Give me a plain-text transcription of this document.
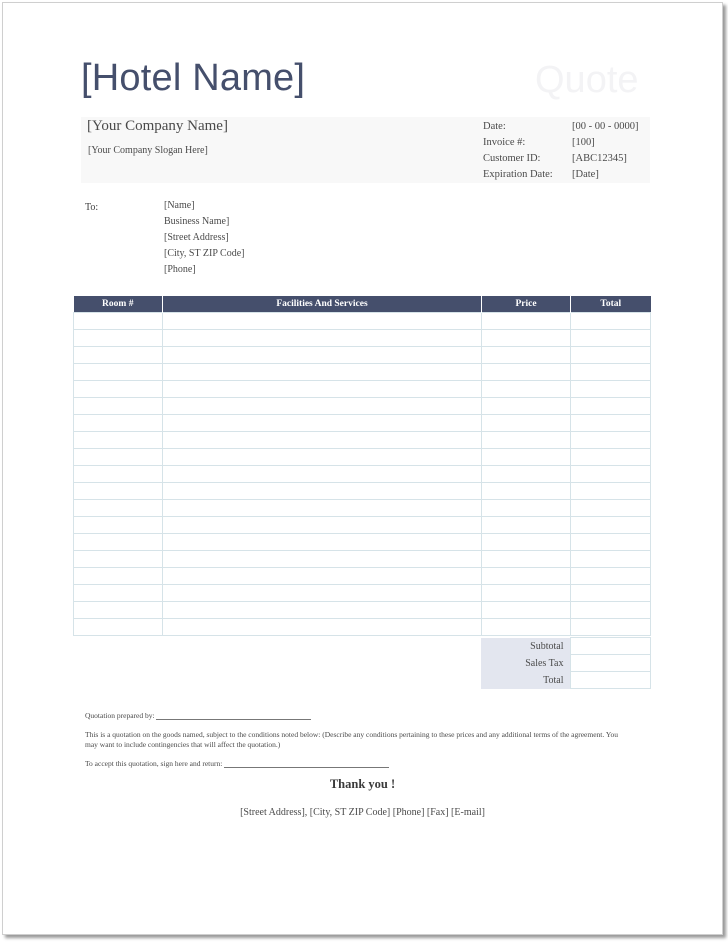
[Hotel Name]	Quote
[Your Company Name]
[Your Company Slogan Here]
Date:	[00 - 00 - 0000]
Invoice #:	[100]
Customer ID:	[ABC12345]
Expiration Date: [Date]
To:	[Name]
Business Name]
[Street Address]
[City, ST ZIP Code]
[Phone]
Room #	Facilities And Services	Price	Total

Subtotal	
Sales Tax	
Total	
Quotation prepared by:
This is a quotation on the goods named, subject to the conditions noted below: (Describe any conditions pertaining to these prices and any additional terms of the agreement. You
may want to include contingencies that will affect the quotation.)
To accept this quotation, sign here and return:
Thank you !
[Street Address], [City, ST ZIP Code] [Phone] [Fax] [E-mail]
